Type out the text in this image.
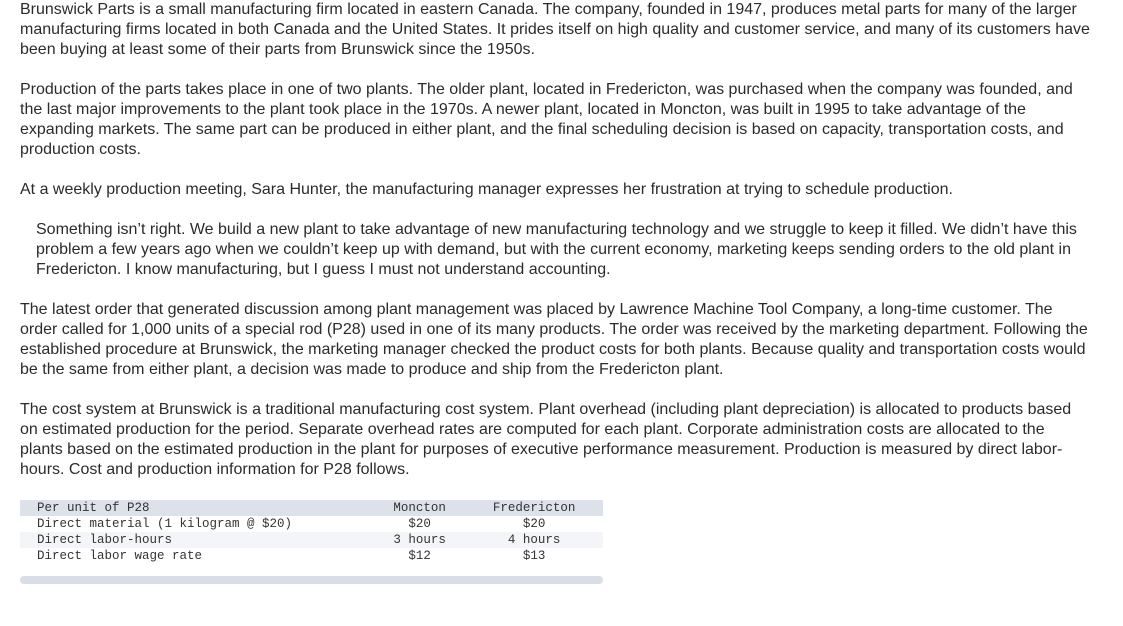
Brunswick Parts is a small manufacturing firm located in eastern Canada. The company, founded in 1947, produces metal parts for many of the larger manufacturing firms located in both Canada and the United States. It prides itself on high quality and customer service, and many of its customers have been buying at least some of their parts from Brunswick since the 1950s.

Production of the parts takes place in one of two plants. The older plant, located in Fredericton, was purchased when the company was founded, and the last major improvements to the plant took place in the 1970s. A newer plant, located in Moncton, was built in 1995 to take advantage of the expanding markets. The same part can be produced in either plant, and the final scheduling decision is based on capacity, transportation costs, and production costs.

At a weekly production meeting, Sara Hunter, the manufacturing manager expresses her frustration at trying to schedule production.

Something isn’t right. We build a new plant to take advantage of new manufacturing technology and we struggle to keep it filled. We didn’t have this problem a few years ago when we couldn’t keep up with demand, but with the current economy, marketing keeps sending orders to the old plant in Fredericton. I know manufacturing, but I guess I must not understand accounting.

The latest order that generated discussion among plant management was placed by Lawrence Machine Tool Company, a long-time customer. The order called for 1,000 units of a special rod (P28) used in one of its many products. The order was received by the marketing department. Following the established procedure at Brunswick, the marketing manager checked the product costs for both plants. Because quality and transportation costs would be the same from either plant, a decision was made to produce and ship from the Fredericton plant.

The cost system at Brunswick is a traditional manufacturing cost system. Plant overhead (including plant depreciation) is allocated to products based on estimated production for the period. Separate overhead rates are computed for each plant. Corporate administration costs are allocated to the plants based on the estimated production in the plant for purposes of executive performance measurement. Production is measured by direct labor-hours. Cost and production information for P28 follows.

Per unit of P28	Moncton	Fredericton
Direct material (1 kilogram @ $20)	$20	$20
Direct labor-hours	3 hours	4 hours
Direct labor wage rate	$12	$13
